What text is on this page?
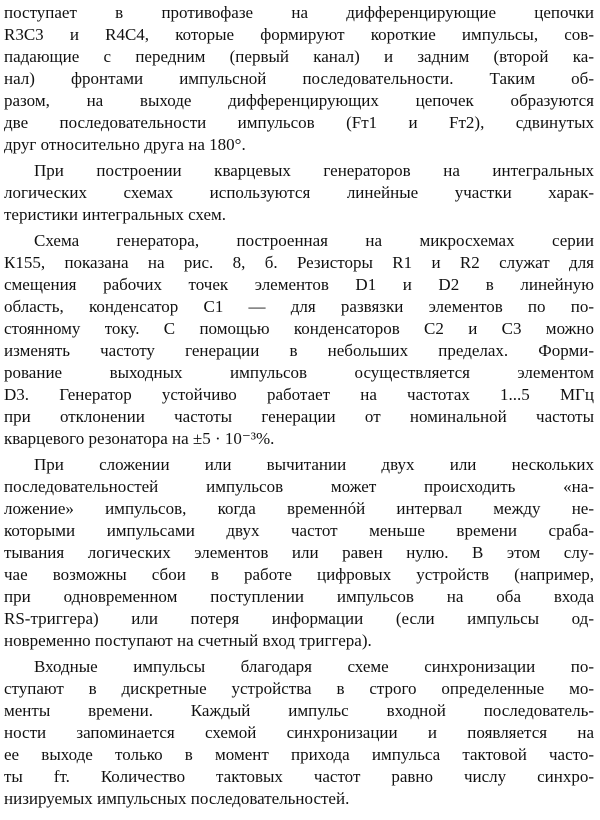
поступает в противофазе на дифференцирующие цепочки
R3C3 и R4C4, которые формируют короткие импульсы, сов-
падающие с передним (первый канал) и задним (второй ка-
нал) фронтами импульсной последовательности. Таким об-
разом, на выходе дифференцирующих цепочек образуются
две последовательности импульсов (Fт1 и Fт2), сдвинутых
друг относительно друга на 180°.
При построении кварцевых генераторов на интегральных
логических схемах используются линейные участки харак-
теристики интегральных схем.
Схема генератора, построенная на микросхемах серии
К155, показана на рис. 8, б. Резисторы R1 и R2 служат для
смещения рабочих точек элементов D1 и D2 в линейную
область, конденсатор C1 — для развязки элементов по по-
стоянному току. С помощью конденсаторов C2 и C3 можно
изменять частоту генерации в небольших пределах. Форми-
рование выходных импульсов осуществляется элементом
D3. Генератор устойчиво работает на частотах 1...5 МГц
при отклонении частоты генерации от номинальной частоты
кварцевого резонатора на ±5 · 10⁻³%.
При сложении или вычитании двух или нескольких
последовательностей импульсов может происходить «на-
ложение» импульсов, когда временнóй интервал между не-
которыми импульсами двух частот меньше времени сраба-
тывания логических элементов или равен нулю. В этом слу-
чае возможны сбои в работе цифровых устройств (например,
при одновременном поступлении импульсов на оба входа
RS-триггера) или потеря информации (если импульсы од-
новременно поступают на счетный вход триггера).
Входные импульсы благодаря схеме синхронизации по-
ступают в дискретные устройства в строго определенные мо-
менты времени. Каждый импульс входной последователь-
ности запоминается схемой синхронизации и появляется на
ее выходе только в момент прихода импульса тактовой часто-
ты fт. Количество тактовых частот равно числу синхро-
низируемых импульсных последовательностей.
